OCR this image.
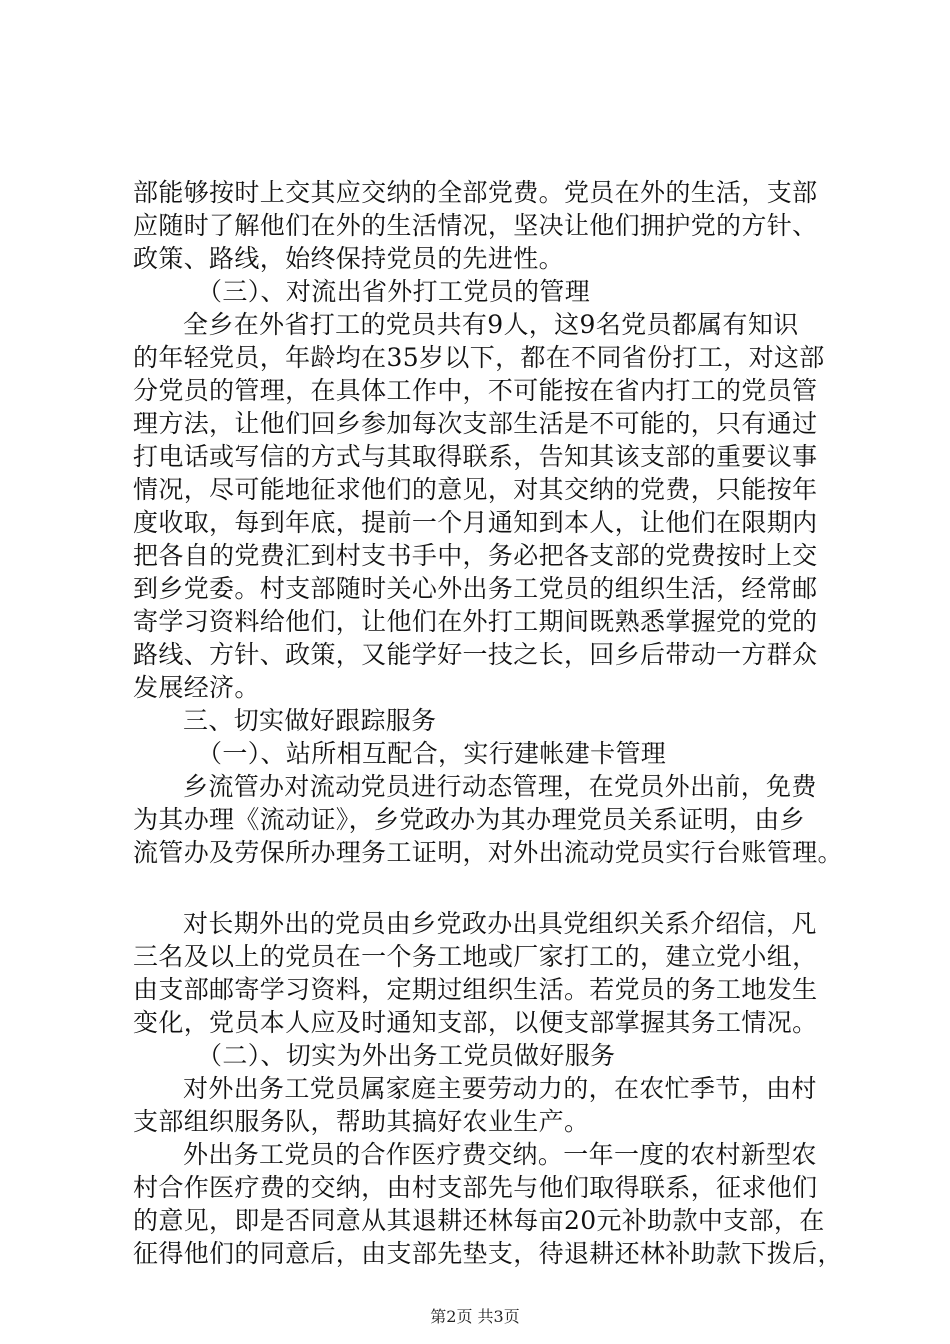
部能够按时上交其应交纳的全部党费。党员在外的生活，支部
应随时了解他们在外的生活情况，坚决让他们拥护党的方针、
政策、路线，始终保持党员的先进性。
（三）、对流出省外打工党员的管理
全乡在外省打工的党员共有9人，这9名党员都属有知识
的年轻党员，年龄均在35岁以下，都在不同省份打工，对这部
分党员的管理，在具体工作中，不可能按在省内打工的党员管
理方法，让他们回乡参加每次支部生活是不可能的，只有通过
打电话或写信的方式与其取得联系，告知其该支部的重要议事
情况，尽可能地征求他们的意见，对其交纳的党费，只能按年
度收取，每到年底，提前一个月通知到本人，让他们在限期内
把各自的党费汇到村支书手中，务必把各支部的党费按时上交
到乡党委。村支部随时关心外出务工党员的组织生活，经常邮
寄学习资料给他们，让他们在外打工期间既熟悉掌握党的党的
路线、方针、政策，又能学好一技之长，回乡后带动一方群众
发展经济。
三、切实做好跟踪服务
（一）、站所相互配合，实行建帐建卡管理
乡流管办对流动党员进行动态管理，在党员外出前，免费
为其办理《流动证》，乡党政办为其办理党员关系证明，由乡
流管办及劳保所办理务工证明，对外出流动党员实行台账管理。
对长期外出的党员由乡党政办出具党组织关系介绍信，凡
三名及以上的党员在一个务工地或厂家打工的，建立党小组，
由支部邮寄学习资料，定期过组织生活。若党员的务工地发生
变化，党员本人应及时通知支部，以便支部掌握其务工情况。
（二）、切实为外出务工党员做好服务
对外出务工党员属家庭主要劳动力的，在农忙季节，由村
支部组织服务队，帮助其搞好农业生产。
外出务工党员的合作医疗费交纳。一年一度的农村新型农
村合作医疗费的交纳，由村支部先与他们取得联系，征求他们
的意见，即是否同意从其退耕还林每亩20元补助款中支部，在
征得他们的同意后，由支部先垫支，待退耕还林补助款下拨后，
第2页 共3页
